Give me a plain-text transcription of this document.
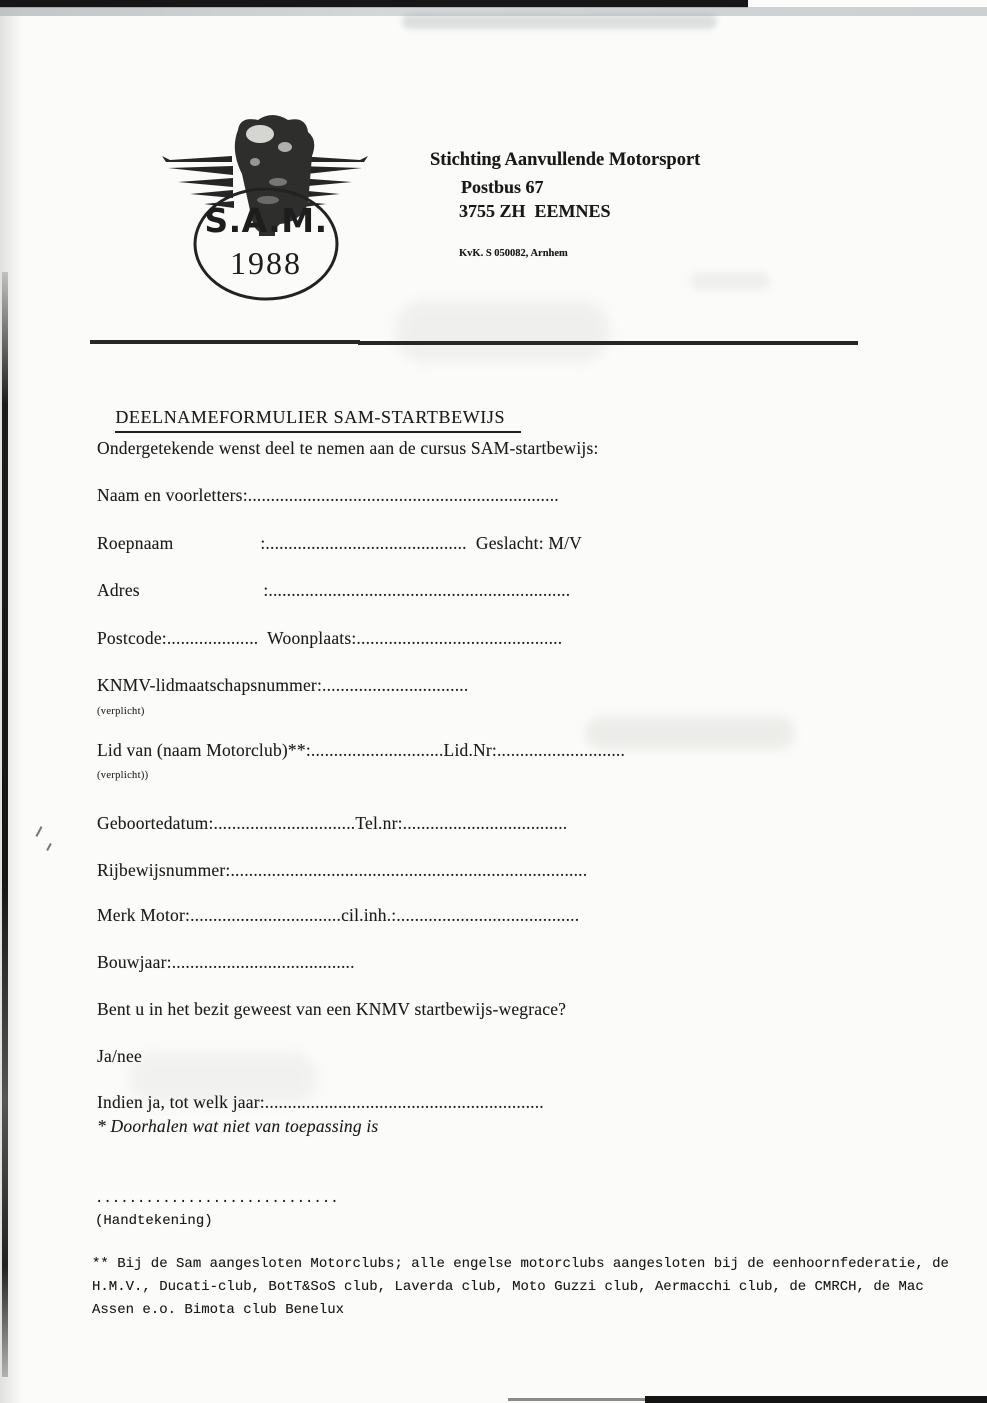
S.A.M.
1988
Stichting Aanvullende Motorsport
Postbus 67
3755 ZH  EEMNES
KvK. S 050082, Arnhem

DEELNAMEFORMULIER SAM-STARTBEWIJS

Ondergetekende wenst deel te nemen aan de cursus SAM-startbewijs:
Naam en voorletters:....................................................................
Roepnaam                   :............................................  Geslacht: M/V
Adres                           :..................................................................
Postcode:....................  Woonplaats:.............................................
KNMV-lidmaatschapsnummer:................................
(verplicht)
Lid van (naam Motorclub)**:.............................Lid.Nr:............................
(verplicht))
Geboortedatum:...............................Tel.nr:....................................
Rijbewijsnummer:..............................................................................
Merk Motor:.................................cil.inh.:........................................
Bouwjaar:........................................
Bent u in het bezit geweest van een KNMV startbewijs-wegrace?
Ja/nee
Indien ja, tot welk jaar:.............................................................
* Doorhalen wat niet van toepassing is
.............................
(Handtekening)
** Bij de Sam aangesloten Motorclubs; alle engelse motorclubs aangesloten bij de eenhoornfederatie, de
H.M.V., Ducati-club, BotT&SoS club, Laverda club, Moto Guzzi club, Aermacchi club, de CMRCH, de Mac
Assen e.o. Bimota club Benelux
